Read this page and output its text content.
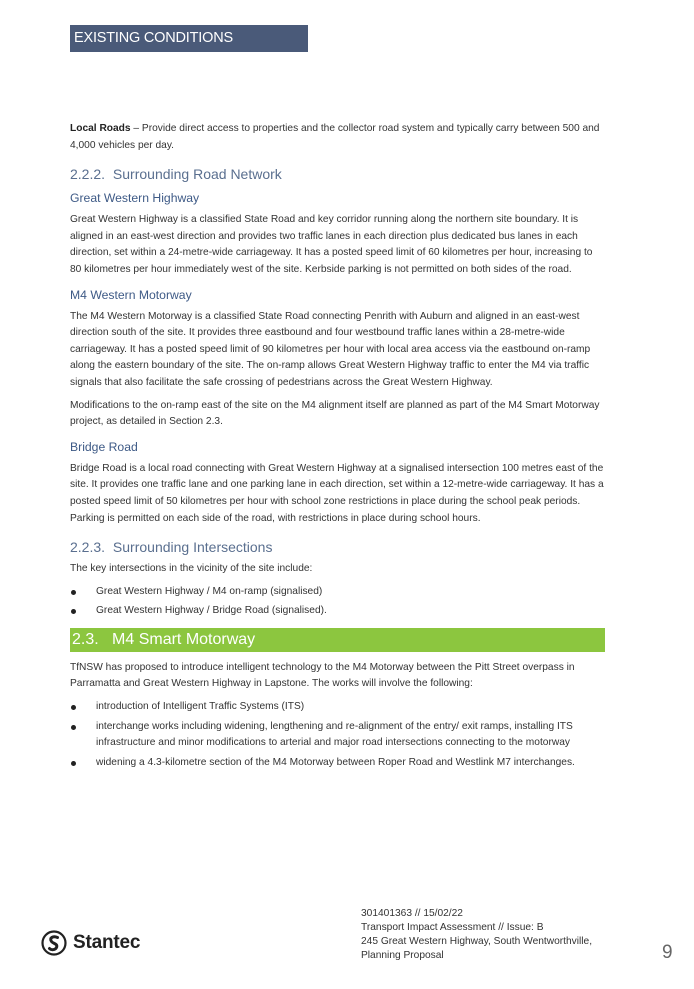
EXISTING CONDITIONS

Local Roads – Provide direct access to properties and the collector road system and typically carry between 500 and 4,000 vehicles per day.

2.2.2. Surrounding Road Network
Great Western Highway

Great Western Highway is a classified State Road and key corridor running along the northern site boundary. It is aligned in an east-west direction and provides two traffic lanes in each direction plus dedicated bus lanes in each direction, set within a 24-metre-wide carriageway. It has a posted speed limit of 60 kilometres per hour, increasing to 80 kilometres per hour immediately west of the site. Kerbside parking is not permitted on both sides of the road.

M4 Western Motorway

The M4 Western Motorway is a classified State Road connecting Penrith with Auburn and aligned in an east-west direction south of the site. It provides three eastbound and four westbound traffic lanes within a 28-metre-wide carriageway. It has a posted speed limit of 90 kilometres per hour with local area access via the eastbound on-ramp along the eastern boundary of the site. The on-ramp allows Great Western Highway traffic to enter the M4 via traffic signals that also facilitate the safe crossing of pedestrians across the Great Western Highway.

Modifications to the on-ramp east of the site on the M4 alignment itself are planned as part of the M4 Smart Motorway project, as detailed in Section 2.3.

Bridge Road

Bridge Road is a local road connecting with Great Western Highway at a signalised intersection 100 metres east of the site. It provides one traffic lane and one parking lane in each direction, set within a 12-metre-wide carriageway. It has a posted speed limit of 50 kilometres per hour with school zone restrictions in place during the school peak periods. Parking is permitted on each side of the road, with restrictions in place during school hours.

2.2.3. Surrounding Intersections

The key intersections in the vicinity of the site include:

Great Western Highway / M4 on-ramp (signalised)
Great Western Highway / Bridge Road (signalised).
2.3. M4 Smart Motorway

TfNSW has proposed to introduce intelligent technology to the M4 Motorway between the Pitt Street overpass in Parramatta and Great Western Highway in Lapstone. The works will involve the following:

introduction of Intelligent Traffic Systems (ITS)
interchange works including widening, lengthening and re-alignment of the entry/ exit ramps, installing ITS infrastructure and minor modifications to arterial and major road intersections connecting to the motorway
widening a 4.3-kilometre section of the M4 Motorway between Roper Road and Westlink M7 interchanges.
Stantec
301401363 // 15/02/22
Transport Impact Assessment // Issue: B
245 Great Western Highway, South Wentworthville,
Planning Proposal	9
